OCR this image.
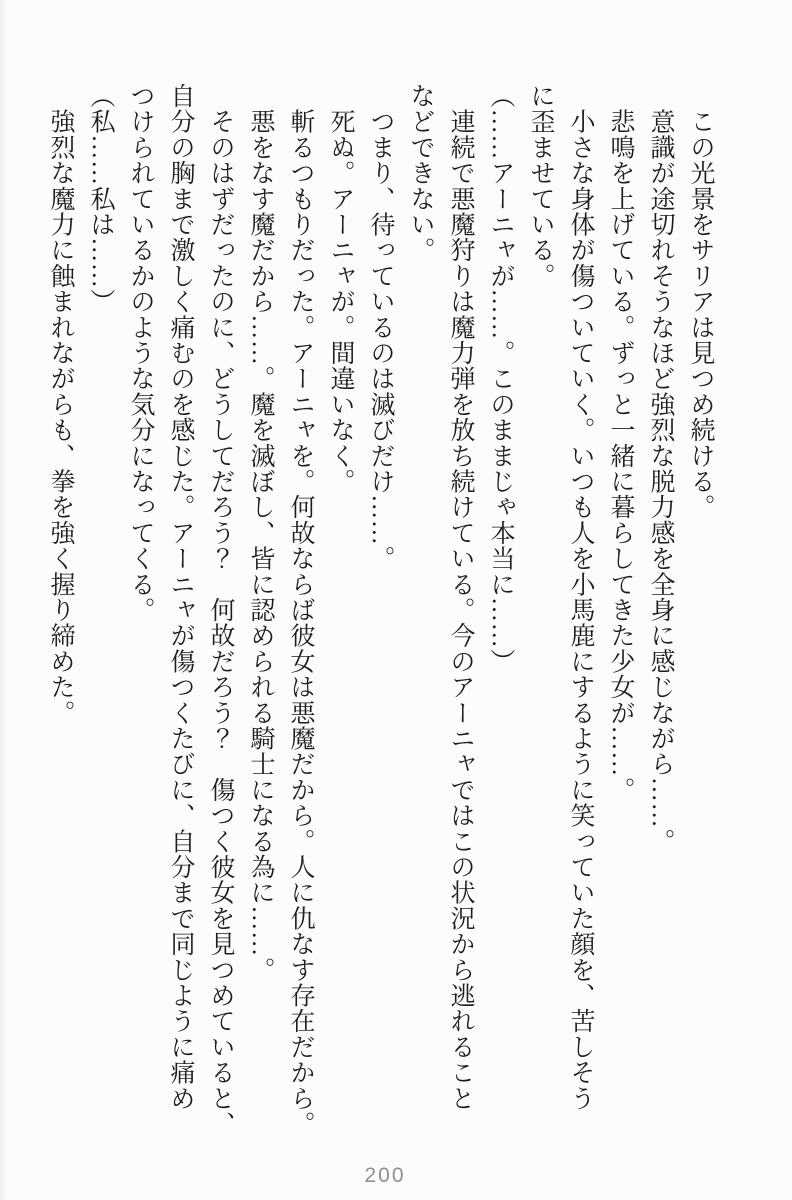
　この光景をサリアは見つめ続ける。
　意識が途切れそうなほど強烈な脱力感を全身に感じながら……。
　悲鳴を上げている。ずっと一緒に暮らしてきた少女が……。
　小さな身体が傷ついていく。いつも人を小馬鹿にするように笑っていた顔を、苦しそう
に歪ませている。
（……アーニャが……。このままじゃ本当に……）
　連続で悪魔狩りは魔力弾を放ち続けている。今のアーニャではこの状況から逃れること
などできない。
　つまり、待っているのは滅びだけ……。
　死ぬ。アーニャが。間違いなく。
　斬るつもりだった。アーニャを。何故ならば彼女は悪魔だから。人に仇なす存在だから。
　悪をなす魔だから……。魔を滅ぼし、皆に認められる騎士になる為に……。
　そのはずだったのに、どうしてだろう？　何故だろう？　傷つく彼女を見つめていると、
自分の胸まで激しく痛むのを感じた。アーニャが傷つくたびに、自分まで同じように痛め
つけられているかのような気分になってくる。
（私……私は……）
　強烈な魔力に蝕まれながらも、拳を強く握り締めた。
200
